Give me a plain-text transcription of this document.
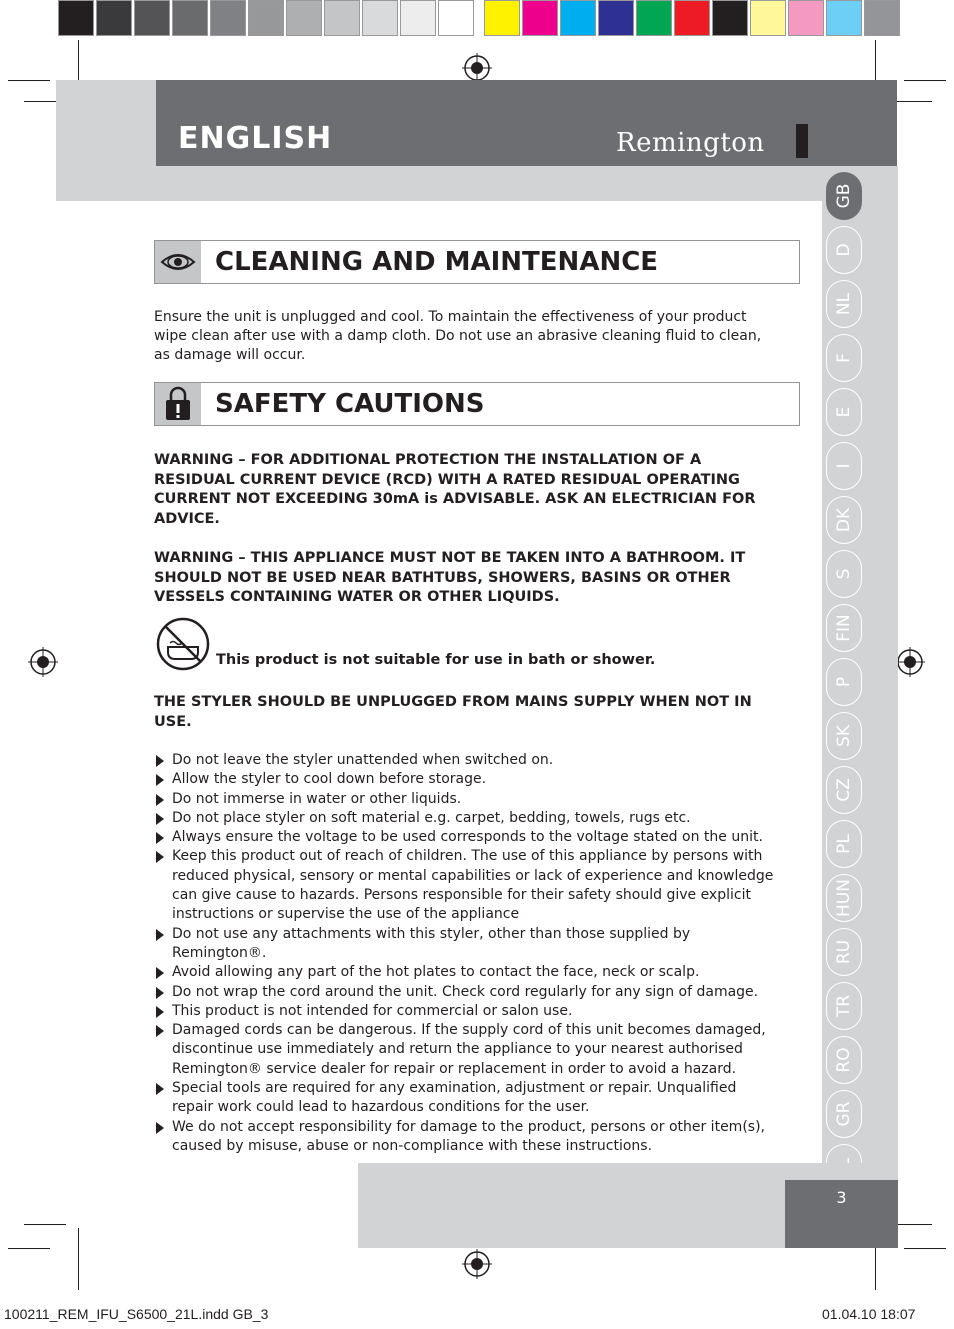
ENGLISH	Remington
CLEANING AND MAINTENANCE
Ensure the unit is unplugged and cool. To maintain the effectiveness of your product wipe clean after use with a damp cloth. Do not use an abrasive cleaning fluid to clean, as damage will occur.
SAFETY CAUTIONS
WARNING – FOR ADDITIONAL PROTECTION THE INSTALLATION OF A RESIDUAL CURRENT DEVICE (RCD) WITH A RATED RESIDUAL OPERATING CURRENT NOT EXCEEDING 30mA is ADVISABLE. ASK AN ELECTRICIAN FOR ADVICE.
WARNING – THIS APPLIANCE MUST NOT BE TAKEN INTO A BATHROOM. IT SHOULD NOT BE USED NEAR BATHTUBS, SHOWERS, BASINS OR OTHER VESSELS CONTAINING WATER OR OTHER LIQUIDS.
This product is not suitable for use in bath or shower.
THE STYLER SHOULD BE UNPLUGGED FROM MAINS SUPPLY WHEN NOT IN USE.
Do not leave the styler unattended when switched on.
Allow the styler to cool down before storage.
Do not immerse in water or other liquids.
Do not place styler on soft material e.g. carpet, bedding, towels, rugs etc.
Always ensure the voltage to be used corresponds to the voltage stated on the unit.
Keep this product out of reach of children. The use of this appliance by persons with reduced physical, sensory or mental capabilities or lack of experience and knowledge can give cause to hazards. Persons responsible for their safety should give explicit instructions or supervise the use of the appliance
Do not use any attachments with this styler, other than those supplied by Remington®.
Avoid allowing any part of the hot plates to contact the face, neck or scalp.
Do not wrap the cord around the unit. Check cord regularly for any sign of damage.
This product is not intended for commercial or salon use.
Damaged cords can be dangerous. If the supply cord of this unit becomes damaged, discontinue use immediately and return the appliance to your nearest authorised Remington® service dealer for repair or replacement in order to avoid a hazard.
Special tools are required for any examination, adjustment or repair. Unqualified repair work could lead to hazardous conditions for the user.
We do not accept responsibility for damage to the product, persons or other item(s), caused by misuse, abuse or non-compliance with these instructions.
GB
D
NL
F
E
I
DK
S
FIN
P
SK
CZ
PL
HUN
RU
TR
RO
GR
AE
3
100211_REM_IFU_S6500_21L.indd GB_3	01.04.10 18:07
